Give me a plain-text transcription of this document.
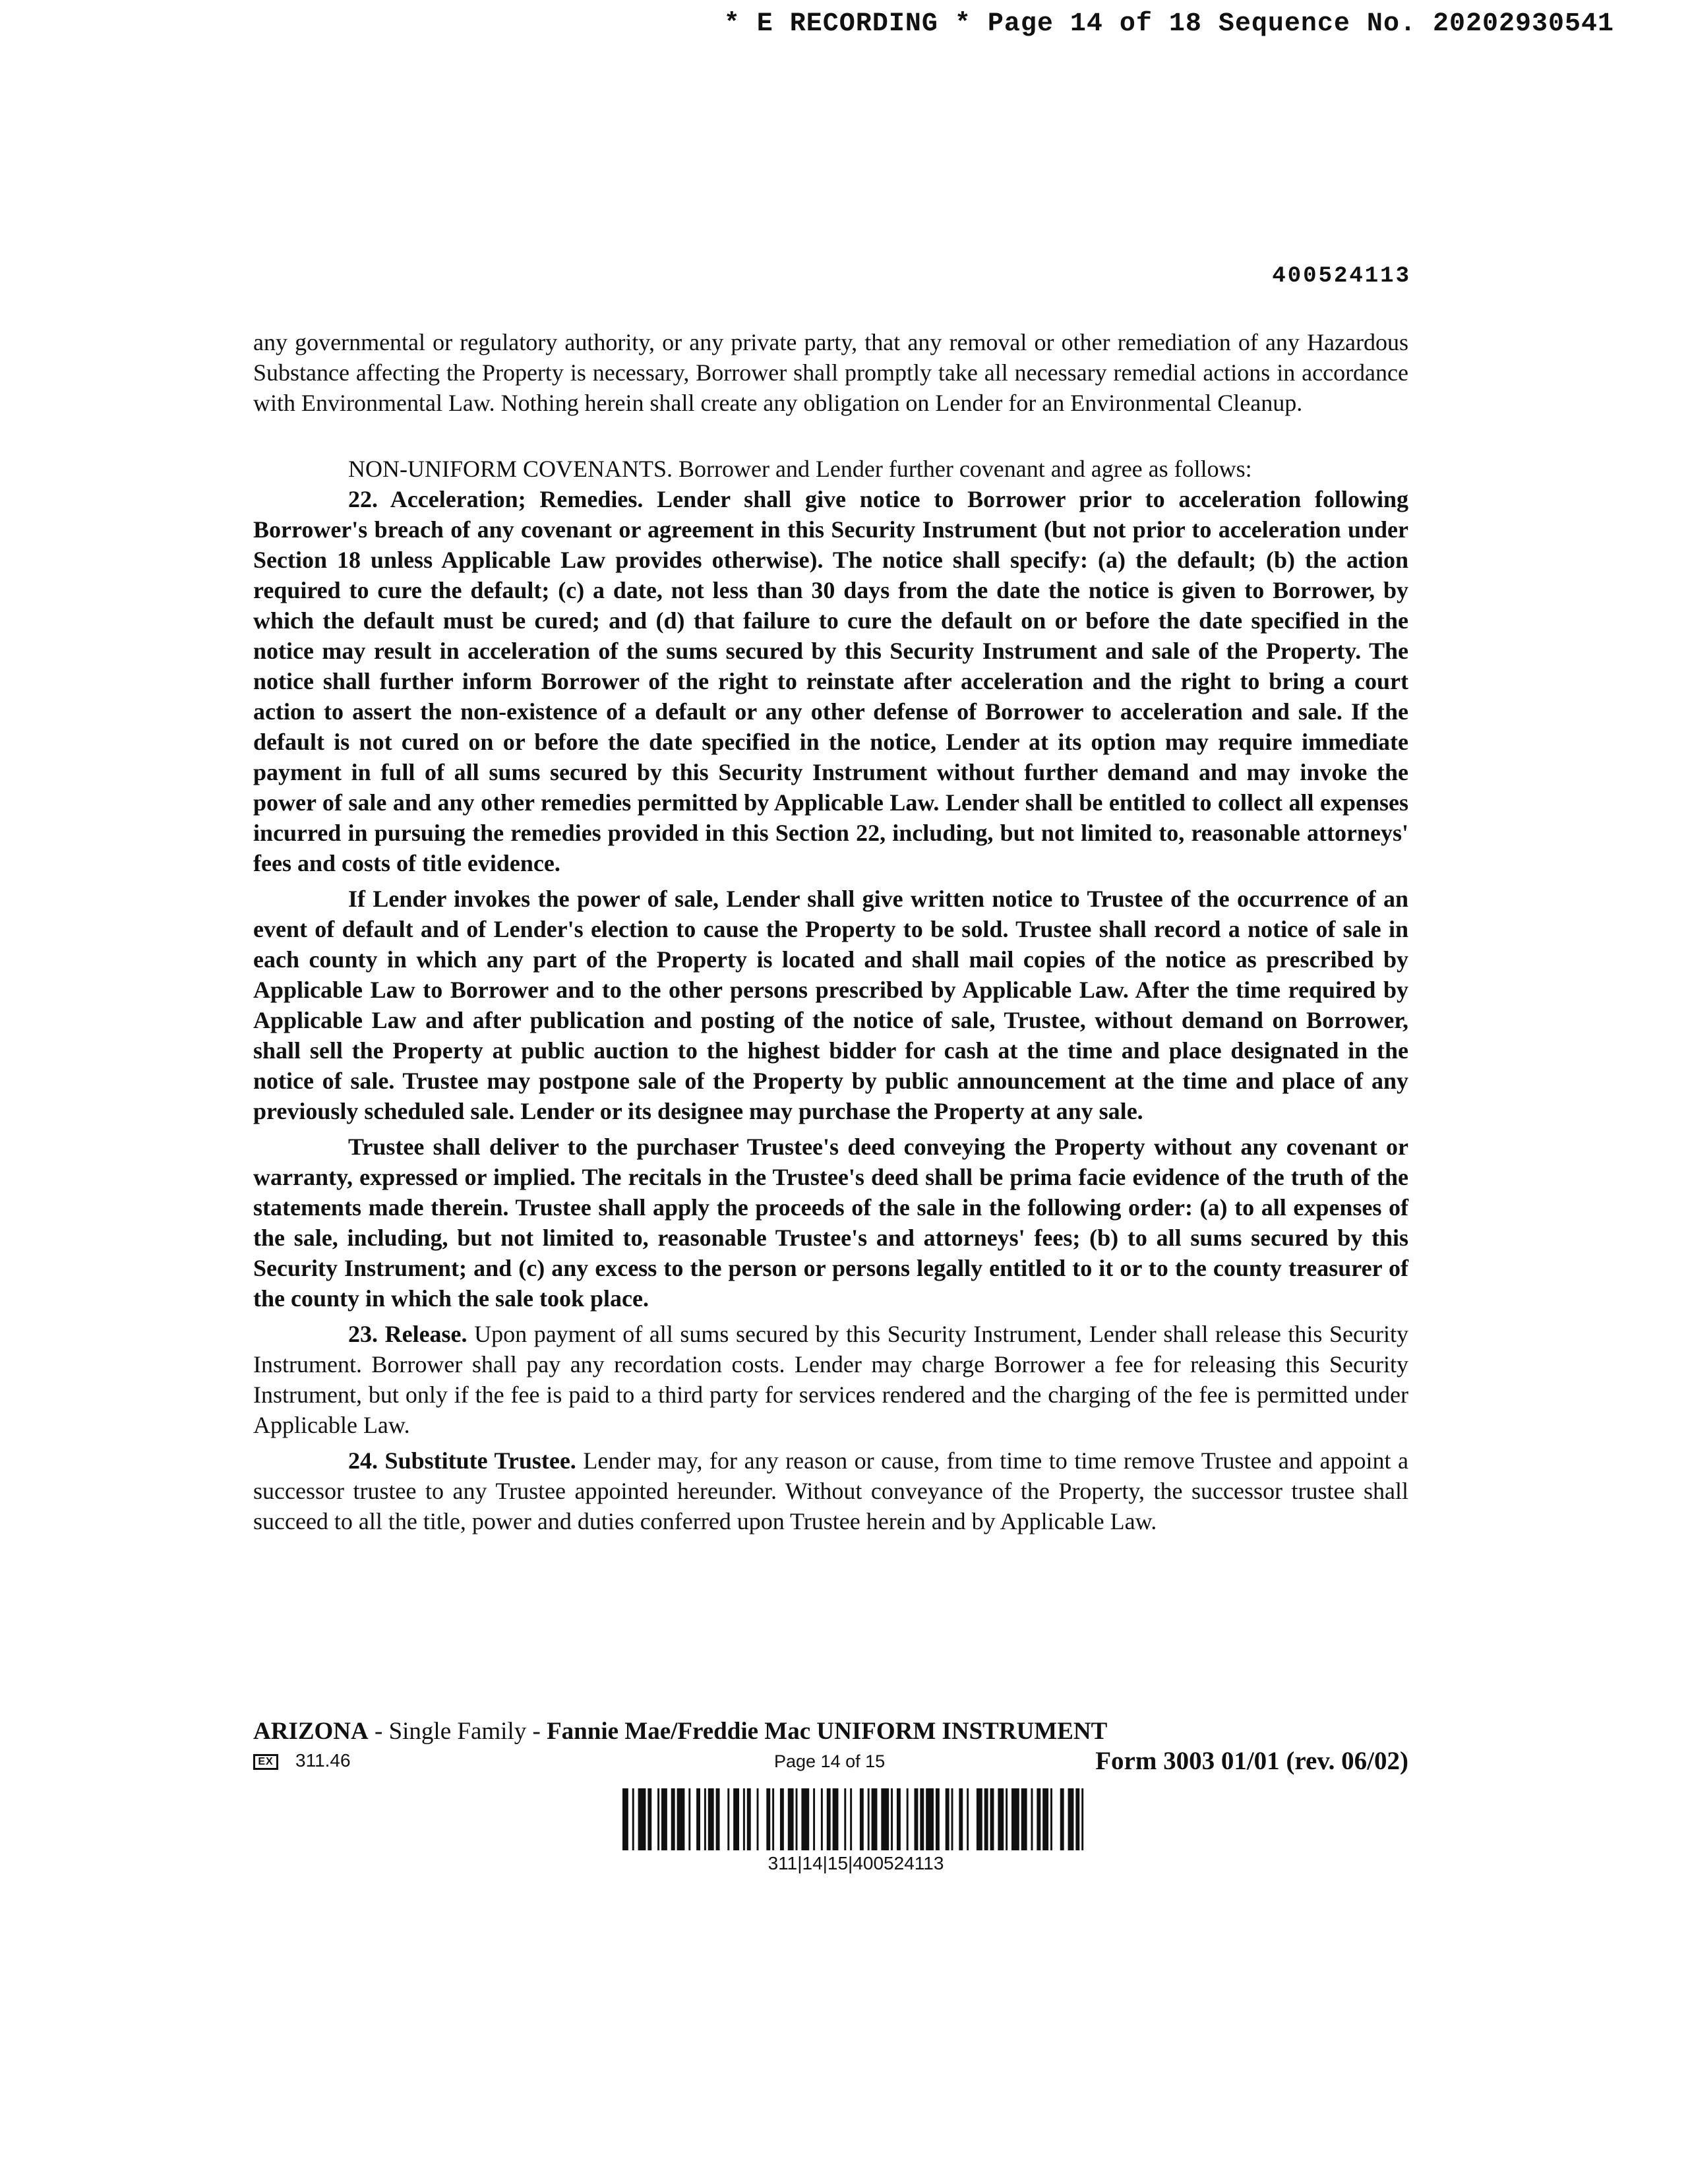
* E RECORDING * Page 14 of 18 Sequence No. 20202930541
400524113

any governmental or regulatory authority, or any private party, that any removal or other remediation of any Hazardous Substance affecting the Property is necessary, Borrower shall promptly take all necessary remedial actions in accordance with Environmental Law. Nothing herein shall create any obligation on Lender for an Environmental Cleanup.

NON-UNIFORM COVENANTS. Borrower and Lender further covenant and agree as follows:

22. Acceleration; Remedies. Lender shall give notice to Borrower prior to acceleration following Borrower's breach of any covenant or agreement in this Security Instrument (but not prior to acceleration under Section 18 unless Applicable Law provides otherwise). The notice shall specify: (a) the default; (b) the action required to cure the default; (c) a date, not less than 30 days from the date the notice is given to Borrower, by which the default must be cured; and (d) that failure to cure the default on or before the date specified in the notice may result in acceleration of the sums secured by this Security Instrument and sale of the Property. The notice shall further inform Borrower of the right to reinstate after acceleration and the right to bring a court action to assert the non-existence of a default or any other defense of Borrower to acceleration and sale. If the default is not cured on or before the date specified in the notice, Lender at its option may require immediate payment in full of all sums secured by this Security Instrument without further demand and may invoke the power of sale and any other remedies permitted by Applicable Law. Lender shall be entitled to collect all expenses incurred in pursuing the remedies provided in this Section 22, including, but not limited to, reasonable attorneys' fees and costs of title evidence.

If Lender invokes the power of sale, Lender shall give written notice to Trustee of the occurrence of an event of default and of Lender's election to cause the Property to be sold. Trustee shall record a notice of sale in each county in which any part of the Property is located and shall mail copies of the notice as prescribed by Applicable Law to Borrower and to the other persons prescribed by Applicable Law. After the time required by Applicable Law and after publication and posting of the notice of sale, Trustee, without demand on Borrower, shall sell the Property at public auction to the highest bidder for cash at the time and place designated in the notice of sale. Trustee may postpone sale of the Property by public announcement at the time and place of any previously scheduled sale. Lender or its designee may purchase the Property at any sale.

Trustee shall deliver to the purchaser Trustee's deed conveying the Property without any covenant or warranty, expressed or implied. The recitals in the Trustee's deed shall be prima facie evidence of the truth of the statements made therein. Trustee shall apply the proceeds of the sale in the following order: (a) to all expenses of the sale, including, but not limited to, reasonable Trustee's and attorneys' fees; (b) to all sums secured by this Security Instrument; and (c) any excess to the person or persons legally entitled to it or to the county treasurer of the county in which the sale took place.

23. Release. Upon payment of all sums secured by this Security Instrument, Lender shall release this Security Instrument. Borrower shall pay any recordation costs. Lender may charge Borrower a fee for releasing this Security Instrument, but only if the fee is paid to a third party for services rendered and the charging of the fee is permitted under Applicable Law.

24. Substitute Trustee. Lender may, for any reason or cause, from time to time remove Trustee and appoint a successor trustee to any Trustee appointed hereunder. Without conveyance of the Property, the successor trustee shall succeed to all the title, power and duties conferred upon Trustee herein and by Applicable Law.

ARIZONA - Single Family - Fannie Mae/Freddie Mac UNIFORM INSTRUMENT
EX 311.46	Page 14 of 15	Form 3003 01/01 (rev. 06/02)
311|14|15|400524113
